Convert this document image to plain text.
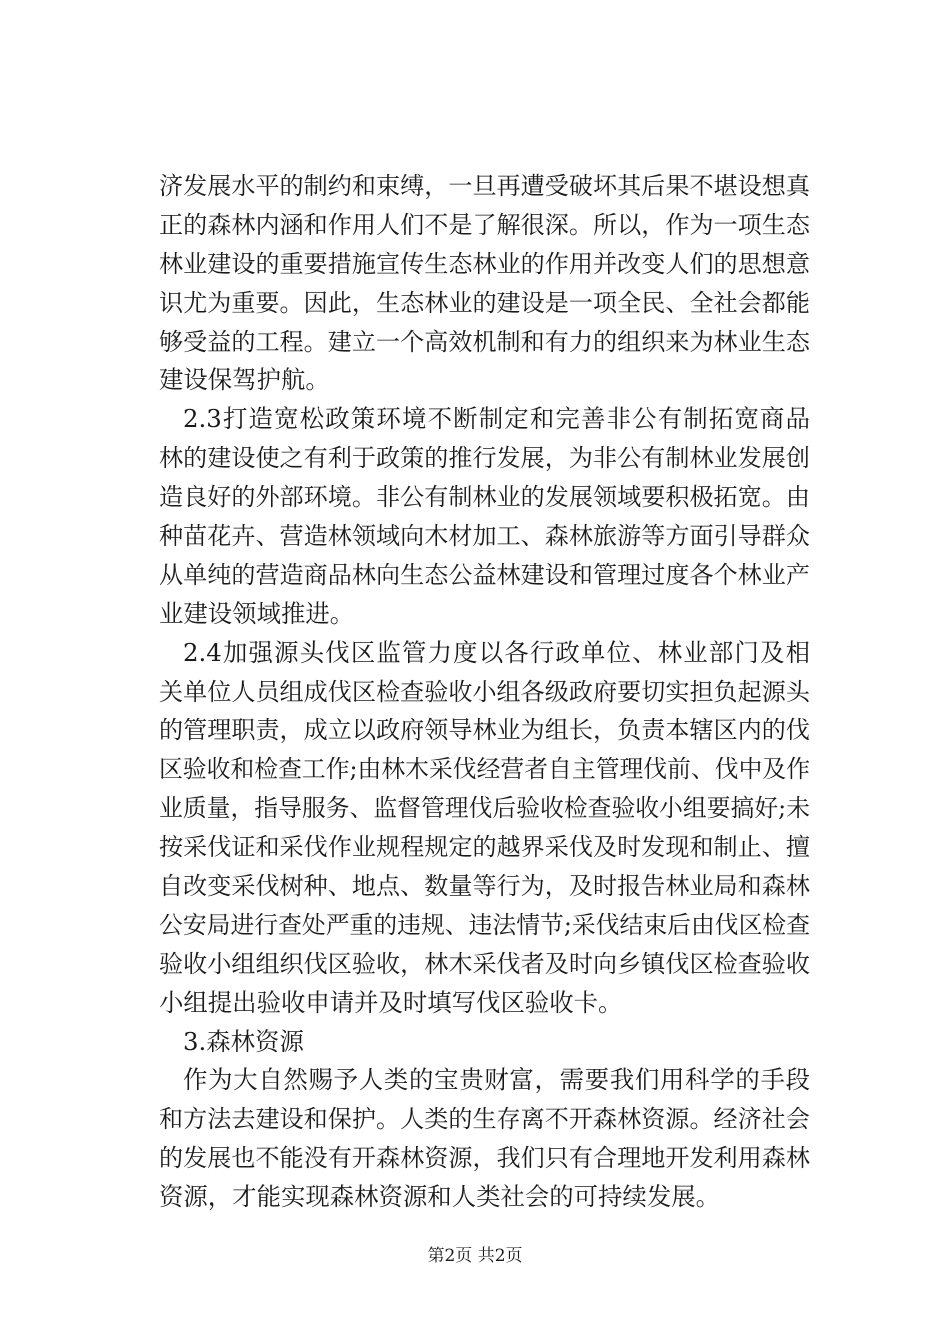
济发展水平的制约和束缚，一旦再遭受破坏其后果不堪设想真
正的森林内涵和作用人们不是了解很深。所以，作为一项生态
林业建设的重要措施宣传生态林业的作用并改变人们的思想意
识尤为重要。因此，生态林业的建设是一项全民、全社会都能
够受益的工程。建立一个高效机制和有力的组织来为林业生态
建设保驾护航。
2.3打造宽松政策环境不断制定和完善非公有制拓宽商品
林的建设使之有利于政策的推行发展，为非公有制林业发展创
造良好的外部环境。非公有制林业的发展领域要积极拓宽。由
种苗花卉、营造林领域向木材加工、森林旅游等方面引导群众
从单纯的营造商品林向生态公益林建设和管理过度各个林业产
业建设领域推进。
2.4加强源头伐区监管力度以各行政单位、林业部门及相
关单位人员组成伐区检查验收小组各级政府要切实担负起源头
的管理职责，成立以政府领导林业为组长，负责本辖区内的伐
区验收和检查工作;由林木采伐经营者自主管理伐前、伐中及作
业质量，指导服务、监督管理伐后验收检查验收小组要搞好;未
按采伐证和采伐作业规程规定的越界采伐及时发现和制止、擅
自改变采伐树种、地点、数量等行为，及时报告林业局和森林
公安局进行查处严重的违规、违法情节;采伐结束后由伐区检查
验收小组组织伐区验收，林木采伐者及时向乡镇伐区检查验收
小组提出验收申请并及时填写伐区验收卡。
3.森林资源
作为大自然赐予人类的宝贵财富，需要我们用科学的手段
和方法去建设和保护。人类的生存离不开森林资源。经济社会
的发展也不能没有开森林资源，我们只有合理地开发利用森林
资源，才能实现森林资源和人类社会的可持续发展。
第2页 共2页
